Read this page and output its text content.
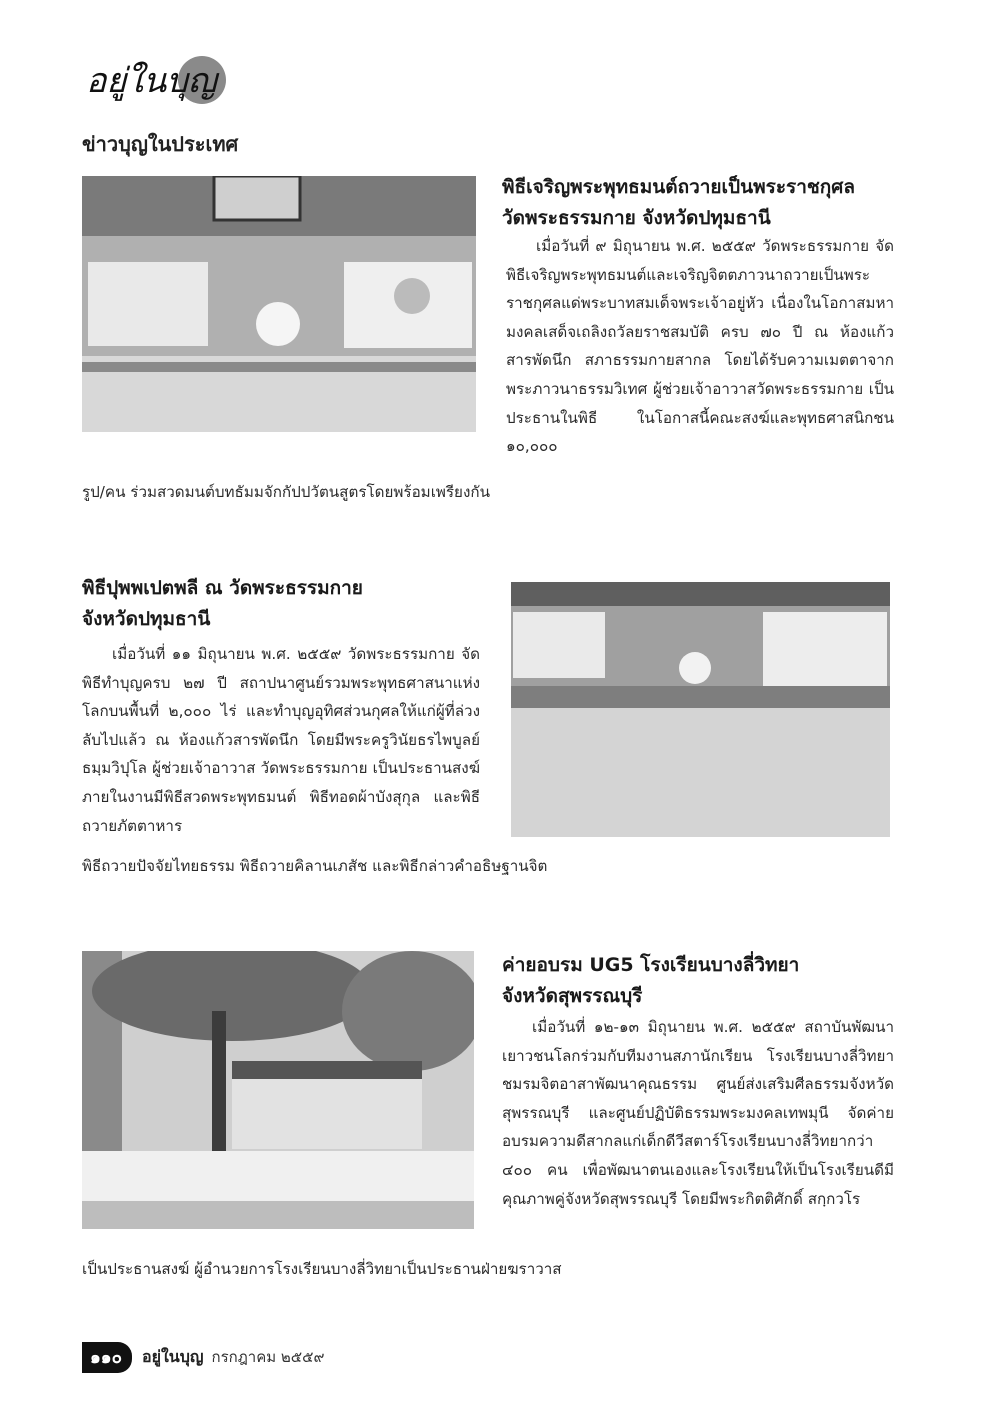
อยู่ในบุญ
ข่าวบุญในประเทศ
พิธีเจริญพระพุทธมนต์ถวายเป็นพระราชกุศล
วัดพระธรรมกาย จังหวัดปทุมธานี

เมื่อวันที่ ๙ มิถุนายน พ.ศ. ๒๕๕๙ วัดพระธรรมกาย จัดพิธีเจริญพระพุทธมนต์และเจริญจิตตภาวนาถวายเป็นพระราชกุศลแด่พระบาทสมเด็จพระเจ้าอยู่หัว เนื่องในโอกาสมหามงคลเสด็จเถลิงถวัลยราชสมบัติ ครบ ๗๐ ปี ณ ห้องแก้วสารพัดนึก สภาธรรมกายสากล โดยได้รับความเมตตาจากพระภาวนาธรรมวิเทศ ผู้ช่วยเจ้าอาวาสวัดพระธรรมกาย เป็นประธานในพิธี ในโอกาสนี้คณะสงฆ์และพุทธศาสนิกชน ๑๐,๐๐๐

รูป/คน ร่วมสวดมนต์บทธัมมจักกัปปวัตนสูตรโดยพร้อมเพรียงกัน

พิธีปุพพเปตพลี ณ วัดพระธรรมกาย
จังหวัดปทุมธานี

เมื่อวันที่ ๑๑ มิถุนายน พ.ศ. ๒๕๕๙ วัดพระธรรมกาย จัดพิธีทำบุญครบ ๒๗ ปี สถาปนาศูนย์รวมพระพุทธศาสนาแห่งโลกบนพื้นที่ ๒,๐๐๐ ไร่ และทำบุญอุทิศส่วนกุศลให้แก่ผู้ที่ล่วงลับไปแล้ว ณ ห้องแก้วสารพัดนึก โดยมีพระครูวินัยธรไพบูลย์ ธมฺมวิปุโล ผู้ช่วยเจ้าอาวาส วัดพระธรรมกาย เป็นประธานสงฆ์ ภายในงานมีพิธีสวดพระพุทธมนต์ พิธีทอดผ้าบังสุกุล และพิธีถวายภัตตาหาร

พิธีถวายปัจจัยไทยธรรม พิธีถวายคิลานเภสัช และพิธีกล่าวคำอธิษฐานจิต

ค่ายอบรม UG5 โรงเรียนบางลี่วิทยา
จังหวัดสุพรรณบุรี

เมื่อวันที่ ๑๒-๑๓ มิถุนายน พ.ศ. ๒๕๕๙ สถาบันพัฒนาเยาวชนโลกร่วมกับทีมงานสภานักเรียน โรงเรียนบางลี่วิทยา ชมรมจิตอาสาพัฒนาคุณธรรม ศูนย์ส่งเสริมศีลธรรมจังหวัดสุพรรณบุรี และศูนย์ปฏิบัติธรรมพระมงคลเทพมุนี จัดค่ายอบรมความดีสากลแก่เด็กดีวีสตาร์โรงเรียนบางลี่วิทยากว่า ๔๐๐ คน เพื่อพัฒนาตนเองและโรงเรียนให้เป็นโรงเรียนดีมีคุณภาพคู่จังหวัดสุพรรณบุรี โดยมีพระกิตติศักดิ์ สกฺกวโร

เป็นประธานสงฆ์ ผู้อำนวยการโรงเรียนบางลี่วิทยาเป็นประธานฝ่ายฆราวาส

๑๑๐	อยู่ในบุญ กรกฎาคม ๒๕๕๙
